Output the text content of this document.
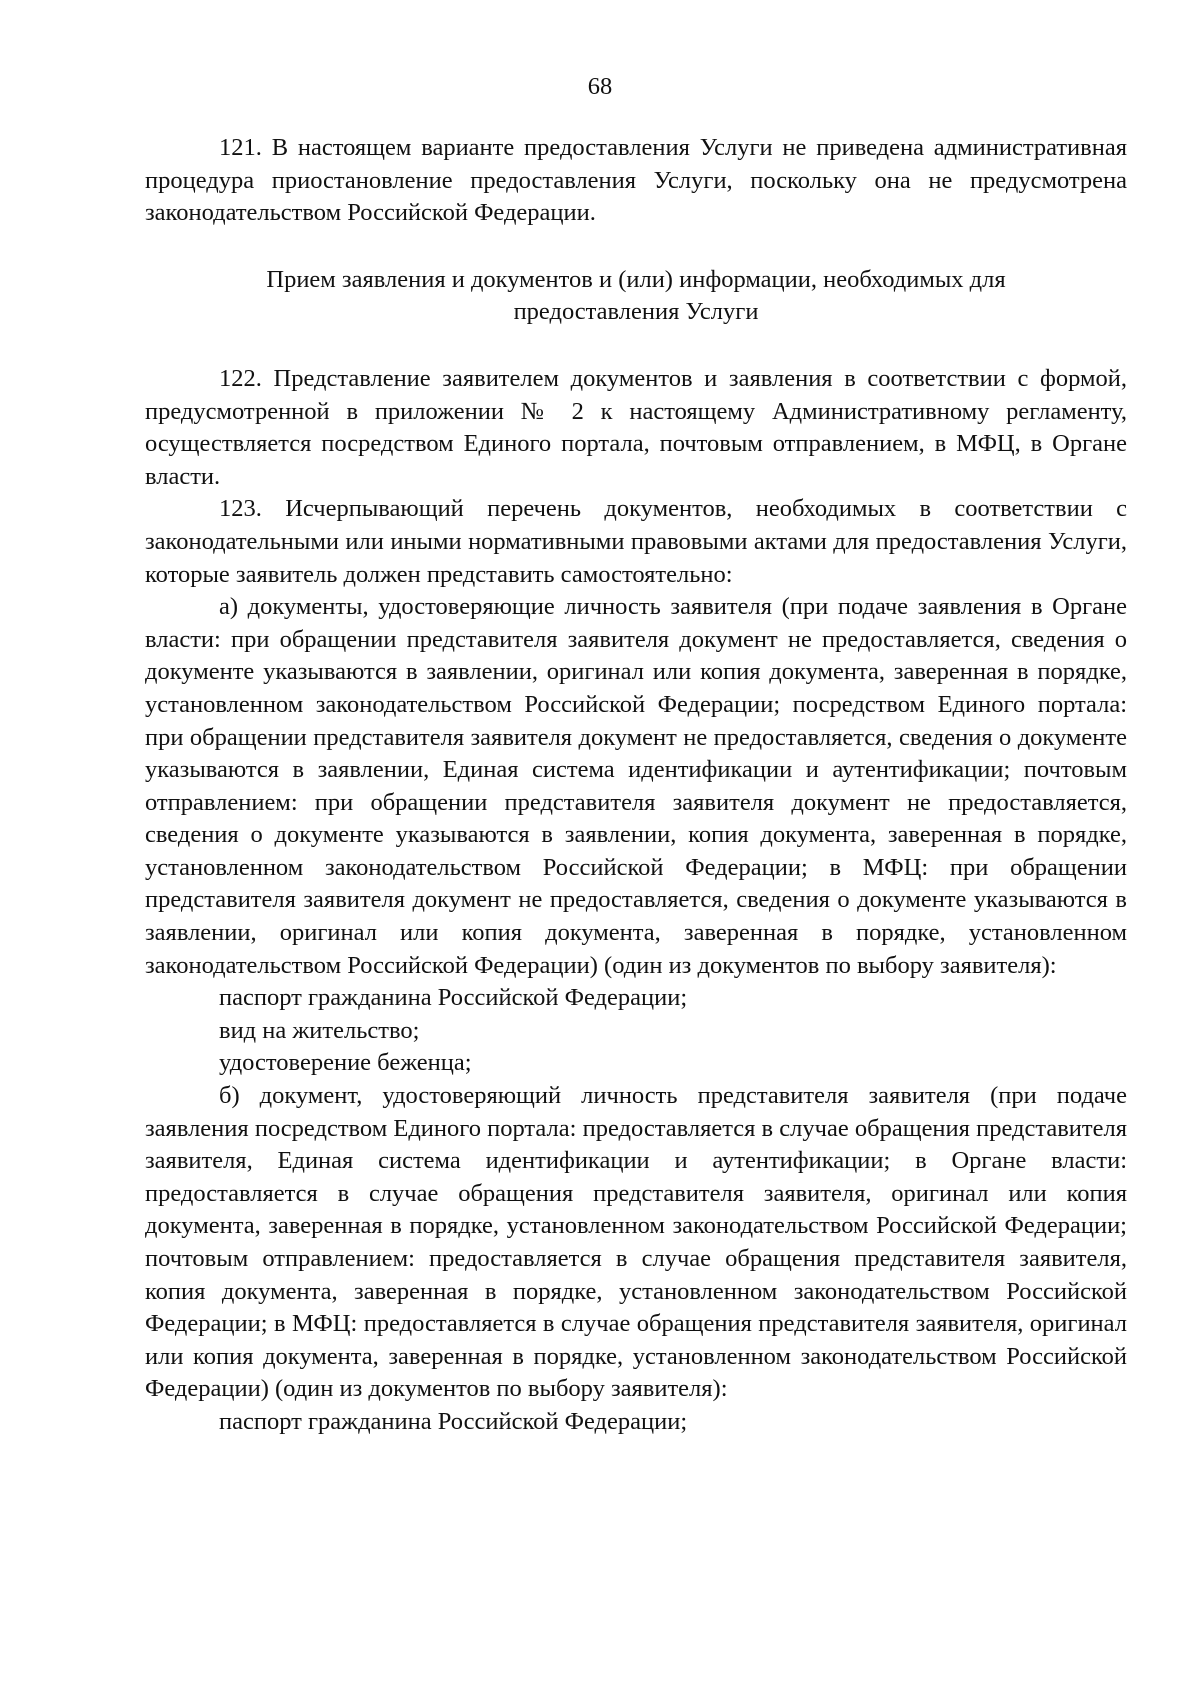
68

121. В настоящем варианте предоставления Услуги не приведена административная процедура приостановление предоставления Услуги, поскольку она не предусмотрена законодательством Российской Федерации.

Прием заявления и документов и (или) информации, необходимых для

предоставления Услуги

122. Представление заявителем документов и заявления в соответствии с формой, предусмотренной в приложении № 2 к настоящему Административному регламенту, осуществляется посредством Единого портала, почтовым отправлением, в МФЦ, в Органе власти.

123. Исчерпывающий перечень документов, необходимых в соответствии с законодательными или иными нормативными правовыми актами для предоставления Услуги, которые заявитель должен представить самостоятельно:

а) документы, удостоверяющие личность заявителя (при подаче заявления в Органе власти: при обращении представителя заявителя документ не предоставляется, сведения о документе указываются в заявлении, оригинал или копия документа, заверенная в порядке, установленном законодательством Российской Федерации; посредством Единого портала: при обращении представителя заявителя документ не предоставляется, сведения о документе указываются в заявлении, Единая система идентификации и аутентификации; почтовым отправлением: при обращении представителя заявителя документ не предоставляется, сведения о документе указываются в заявлении, копия документа, заверенная в порядке, установленном законодательством Российской Федерации; в МФЦ: при обращении представителя заявителя документ не предоставляется, сведения о документе указываются в заявлении, оригинал или копия документа, заверенная в порядке, установленном законодательством Российской Федерации) (один из документов по выбору заявителя):

паспорт гражданина Российской Федерации;

вид на жительство;

удостоверение беженца;

б) документ, удостоверяющий личность представителя заявителя (при подаче заявления посредством Единого портала: предоставляется в случае обращения представителя заявителя, Единая система идентификации и аутентификации; в Органе власти: предоставляется в случае обращения представителя заявителя, оригинал или копия документа, заверенная в порядке, установленном законодательством Российской Федерации; почтовым отправлением: предоставляется в случае обращения представителя заявителя, копия документа, заверенная в порядке, установленном законодательством Российской Федерации; в МФЦ: предоставляется в случае обращения представителя заявителя, оригинал или копия документа, заверенная в порядке, установленном законодательством Российской Федерации) (один из документов по выбору заявителя):

паспорт гражданина Российской Федерации;
